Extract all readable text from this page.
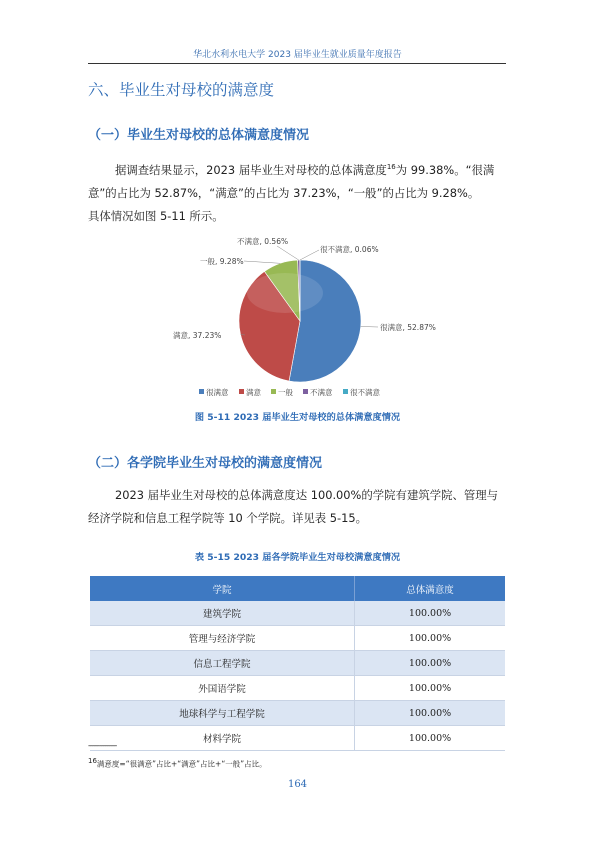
华北水利水电大学 2023 届毕业生就业质量年度报告
六、毕业生对母校的满意度
（一）毕业生对母校的总体满意度情况
据调查结果显示，2023 届毕业生对母校的总体满意度$^{16}$为 99.38%。“很满
意”的占比为 52.87%，“满意”的占比为 37.23%，“一般”的占比为 9.28%。
具体情况如图 5-11 所示。
很满意, 52.87%
满意, 37.23%
一般, 9.28%
不满意, 0.56%
很不满意, 0.06%
很满意 满意 一般 不满意 很不满意
图 5-11 2023 届毕业生对母校的总体满意度情况
（二）各学院毕业生对母校的满意度情况
2023 届毕业生对母校的总体满意度达 100.00%的学院有建筑学院、管理与
经济学院和信息工程学院等 10 个学院。详见表 5-15。
表 5-15 2023 届各学院毕业生对母校满意度情况
学院	总体满意度
建筑学院	100.00%
管理与经济学院	100.00%
信息工程学院	100.00%
外国语学院	100.00%
地球科学与工程学院	100.00%
材料学院	100.00%
---------------
$^{16}$满意度=“很满意”占比+“满意”占比+“一般”占比。
164
